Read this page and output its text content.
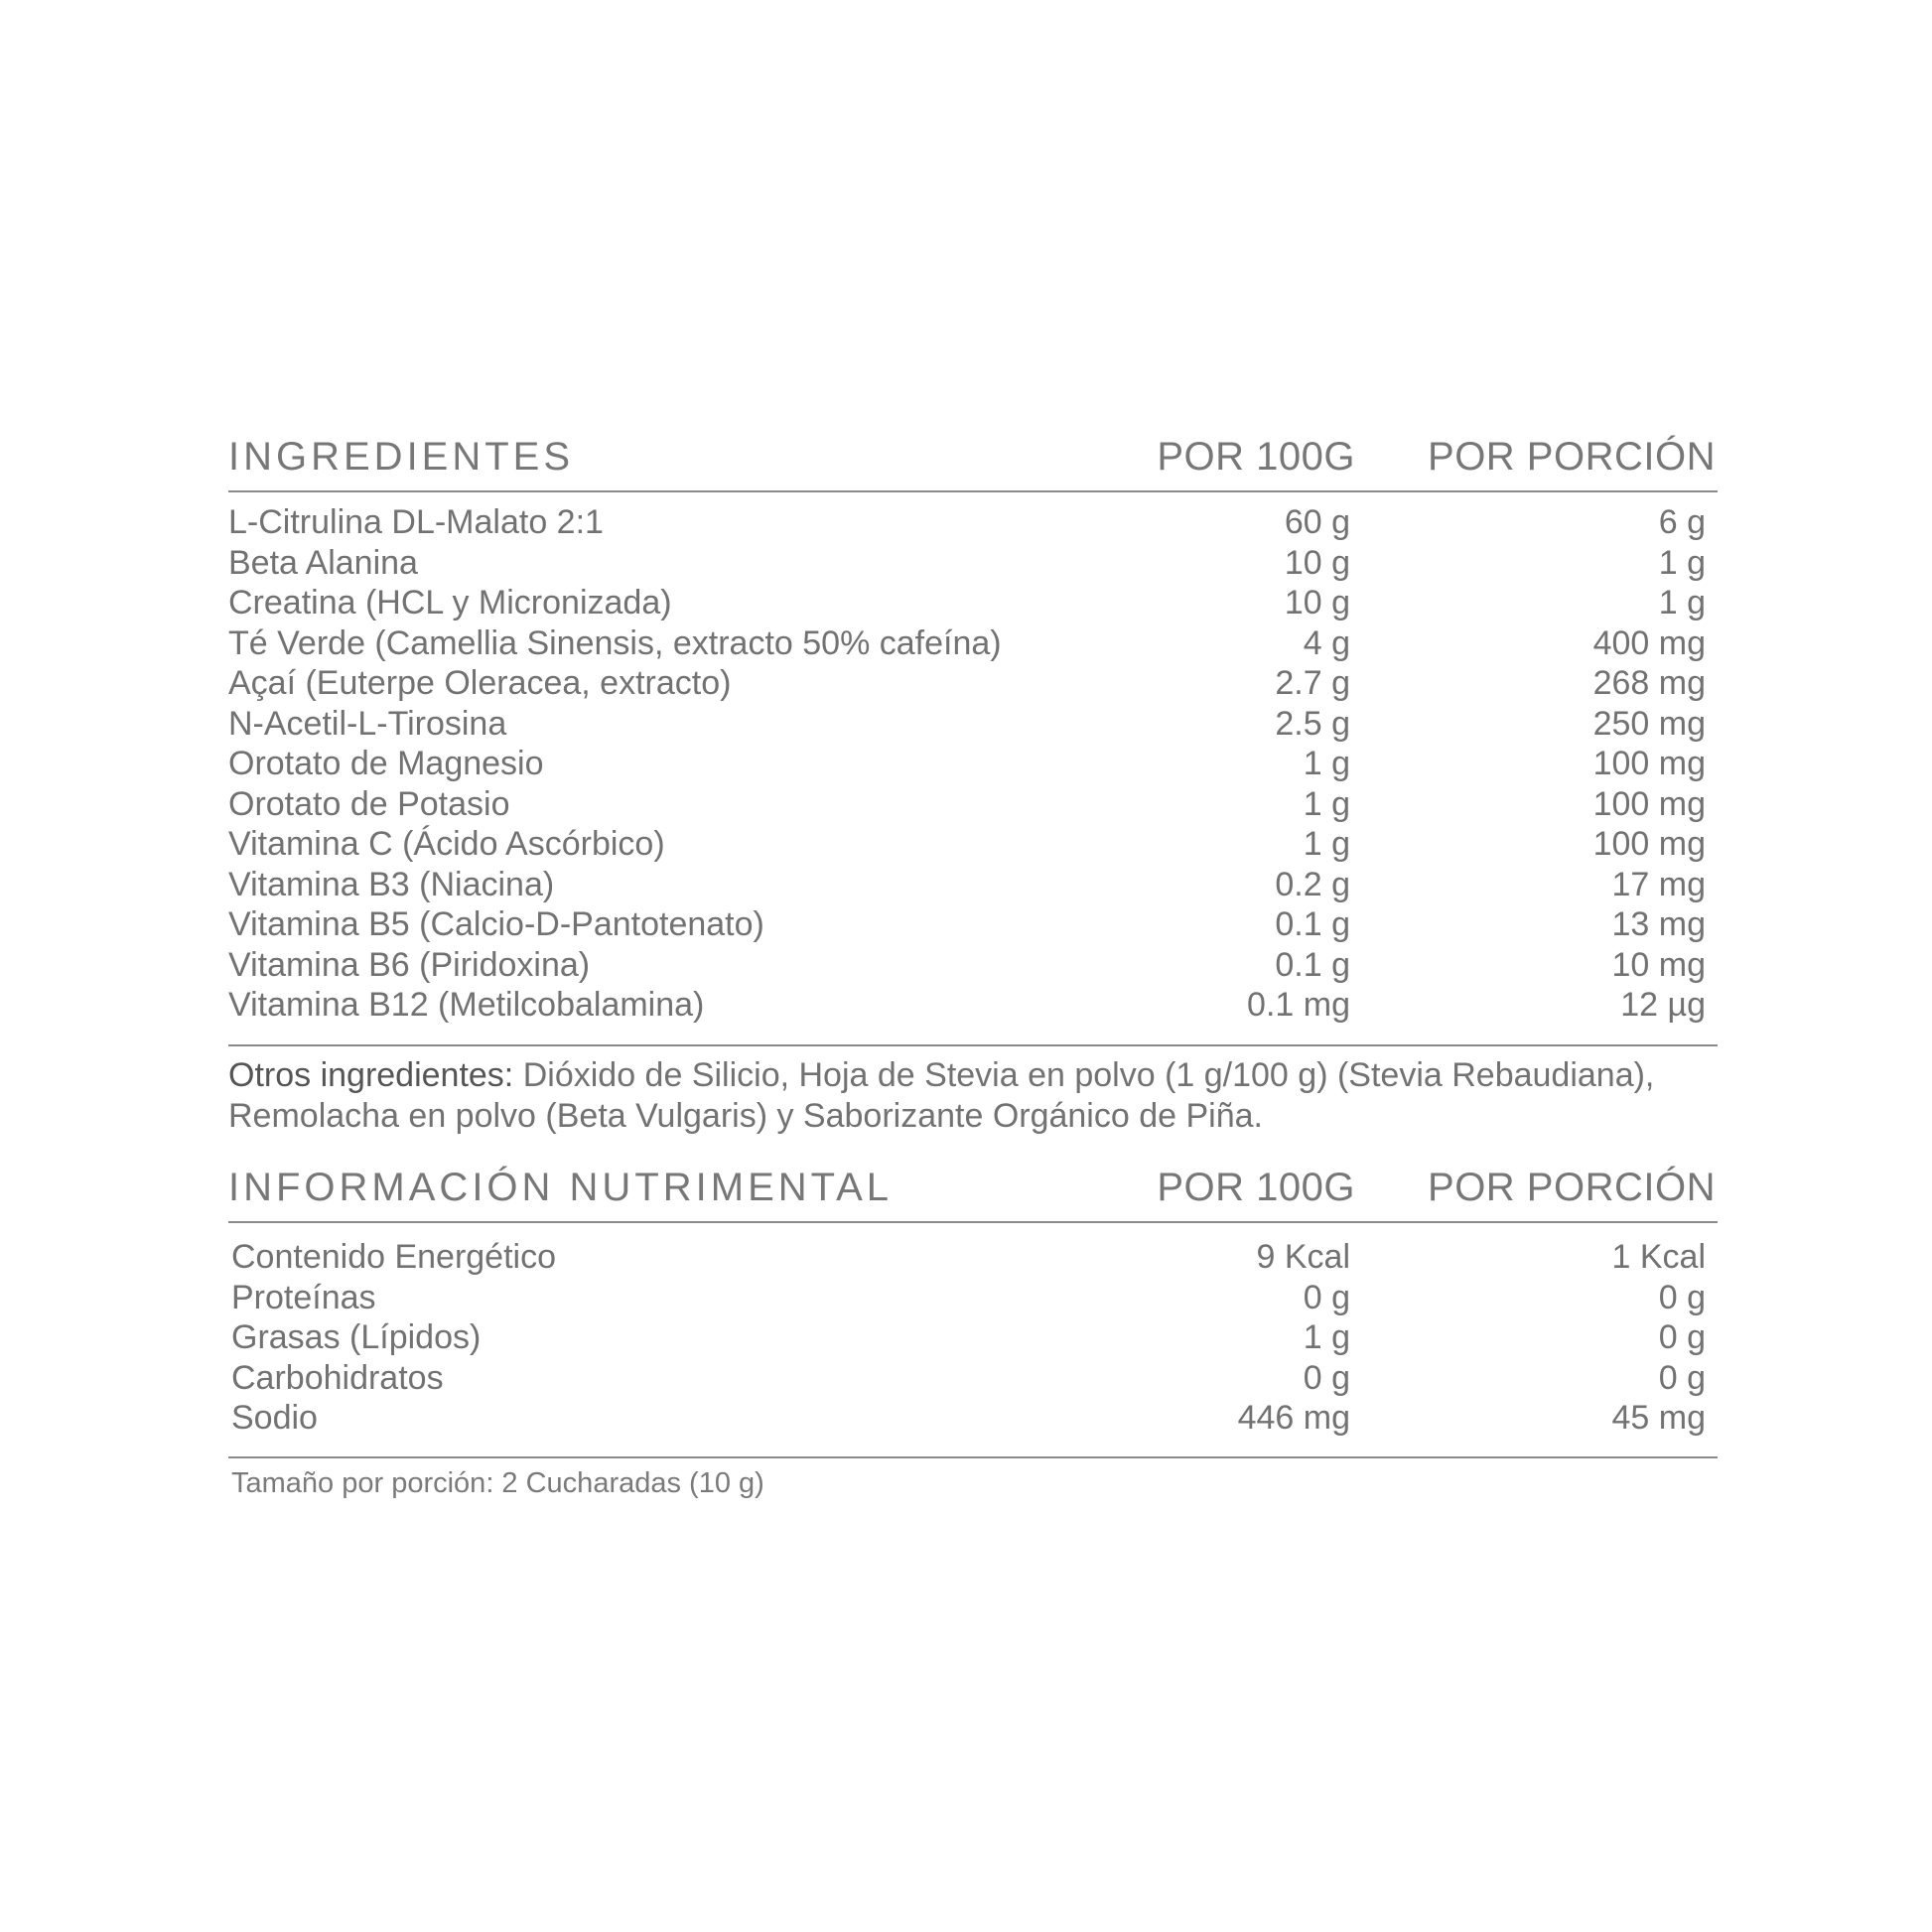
INGREDIENTES	POR 100G POR PORCIÓN
L-Citrulina DL-Malato 2:1	60 g	6 g
Beta Alanina	10 g	1 g
Creatina (HCL y Micronizada)	10 g	1 g
Té Verde (Camellia Sinensis, extracto 50% cafeína)	4 g	400 mg
Açaí (Euterpe Oleracea, extracto)	2.7 g	268 mg
N-Acetil-L-Tirosina	2.5 g	250 mg
Orotato de Magnesio	1 g	100 mg
Orotato de Potasio	1 g	100 mg
Vitamina C (Ácido Ascórbico)	1 g	100 mg
Vitamina B3 (Niacina)	0.2 g	17 mg
Vitamina B5 (Calcio-D-Pantotenato)	0.1 g	13 mg
Vitamina B6 (Piridoxina)	0.1 g	10 mg
Vitamina B12 (Metilcobalamina)	0.1 mg	12 µg
Otros ingredientes: Dióxido de Silicio, Hoja de Stevia en polvo (1 g/100 g) (Stevia Rebaudiana), Remolacha en polvo (Beta Vulgaris) y Saborizante Orgánico de Piña.
INFORMACIÓN NUTRIMENTAL	POR 100G POR PORCIÓN
Contenido Energético	9 Kcal	1 Kcal
Proteínas	0 g	0 g
Grasas (Lípidos)	1 g	0 g
Carbohidratos	0 g	0 g
Sodio	446 mg	45 mg
Tamaño por porción: 2 Cucharadas (10 g)
